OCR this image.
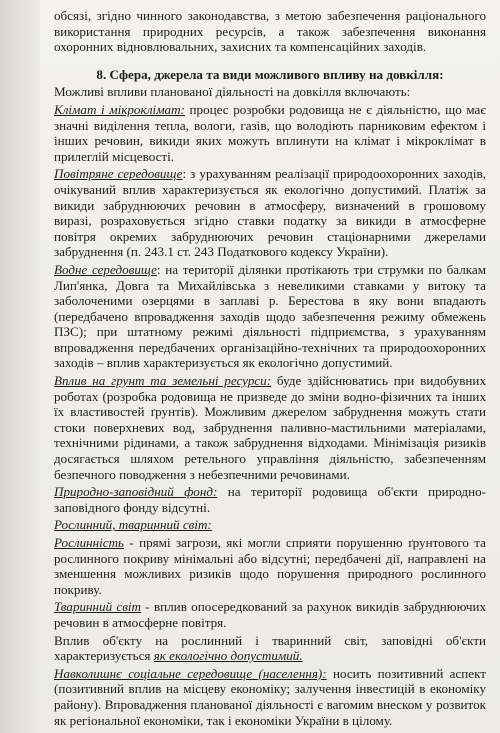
обсязі, згідно чинного законодавства, з метою забезпечення раціонального використання природних ресурсів, а також забезпечення виконання охоронних відновлювальних, захисних та компенсаційних заходів.

8. Сфера, джерела та види можливого впливу на довкілля:

Можливі впливи планованої діяльності на довкілля включають:

Клімат і мікроклімат: процес розробки родовища не є діяльністю, що має значні виділення тепла, вологи, газів, що володіють парниковим ефектом і інших речовин, викиди яких можуть вплинути на клімат і мікроклімат в прилеглій місцевості.

Повітряне середовище: з урахуванням реалізації природоохоронних заходів, очікуваний вплив характеризується як екологічно допустимий. Платіж за викиди забруднюючих речовин в атмосферу, визначений в грошовому виразі, розраховується згідно ставки податку за викиди в атмосферне повітря окремих забруднюючих речовин стаціонарними джерелами забруднення (п. 243.1 ст. 243 Податкового кодексу України).

Водне середовище: на території ділянки протікають три струмки по балкам Лип'янка, Довга та Михайлівська з невеликими ставками у витоку та заболоченими озерцями в заплаві р. Берестова в яку вони впадають (передбачено впровадження заходів щодо забезпечення режиму обмежень ПЗС); при штатному режимі діяльності підприємства, з урахуванням впровадження передбачених організаційно-технічних та природоохоронних заходів – вплив характеризується як екологічно допустимий.

Вплив на грунт та земельні ресурси: буде здійснюватись при видобувних роботах (розробка родовища не призведе до зміни водно-фізичних та інших їх властивостей ґрунтів). Можливим джерелом забруднення можуть стати стоки поверхневих вод, забруднення паливно-мастильними матеріалами, технічними рідинами, а також забруднення відходами. Мінімізація ризиків досягається шляхом ретельного управління діяльністю, забезпеченням безпечного поводження з небезпечними речовинами.

Природно-заповідний фонд: на території родовища об'єкти природно-заповідного фонду відсутні.

Рослинний, тваринний світ:

Рослинність - прямі загрози, які могли сприяти порушенню ґрунтового та рослинного покриву мінімальні або відсутні; передбачені дії, направлені на зменшення можливих ризиків щодо порушення природного рослинного покриву.

Тваринний світ - вплив опосередкований за рахунок викидів забруднюючих речовин в атмосферне повітря.

Вплив об'єкту на рослинний і тваринний світ, заповідні об'єкти характеризується як екологічно допустимий.

Навколишнє соціальне середовище (населення): носить позитивний аспект (позитивний вплив на місцеву економіку; залучення інвестицій в економіку району). Впровадження планованої діяльності є вагомим внеском у розвиток як регіональної економіки, так і економіки України в цілому.
